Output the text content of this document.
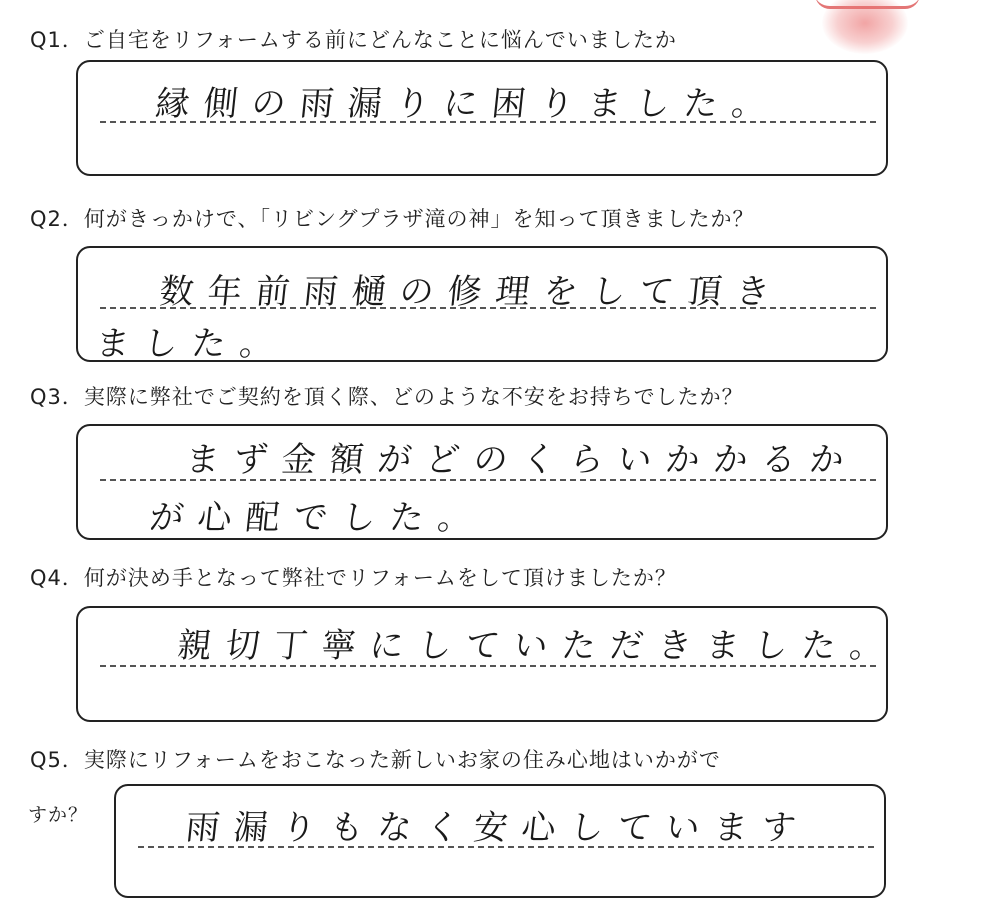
Q1．ご自宅をリフォームする前にどんなことに悩んでいましたか
縁側の雨漏りに困りました。
Q2．何がきっかけで、「リビングプラザ滝の神」を知って頂きましたか？
数年前雨樋の修理をして頂き
ました。
Q3．実際に弊社でご契約を頂く際、どのような不安をお持ちでしたか？
まず金額がどのくらいかかるか
が心配でした。
Q4．何が決め手となって弊社でリフォームをして頂けましたか？
親切丁寧にしていただきました。
Q5．実際にリフォームをおこなった新しいお家の住み心地はいかがで
すか？	雨漏りもなく安心しています
